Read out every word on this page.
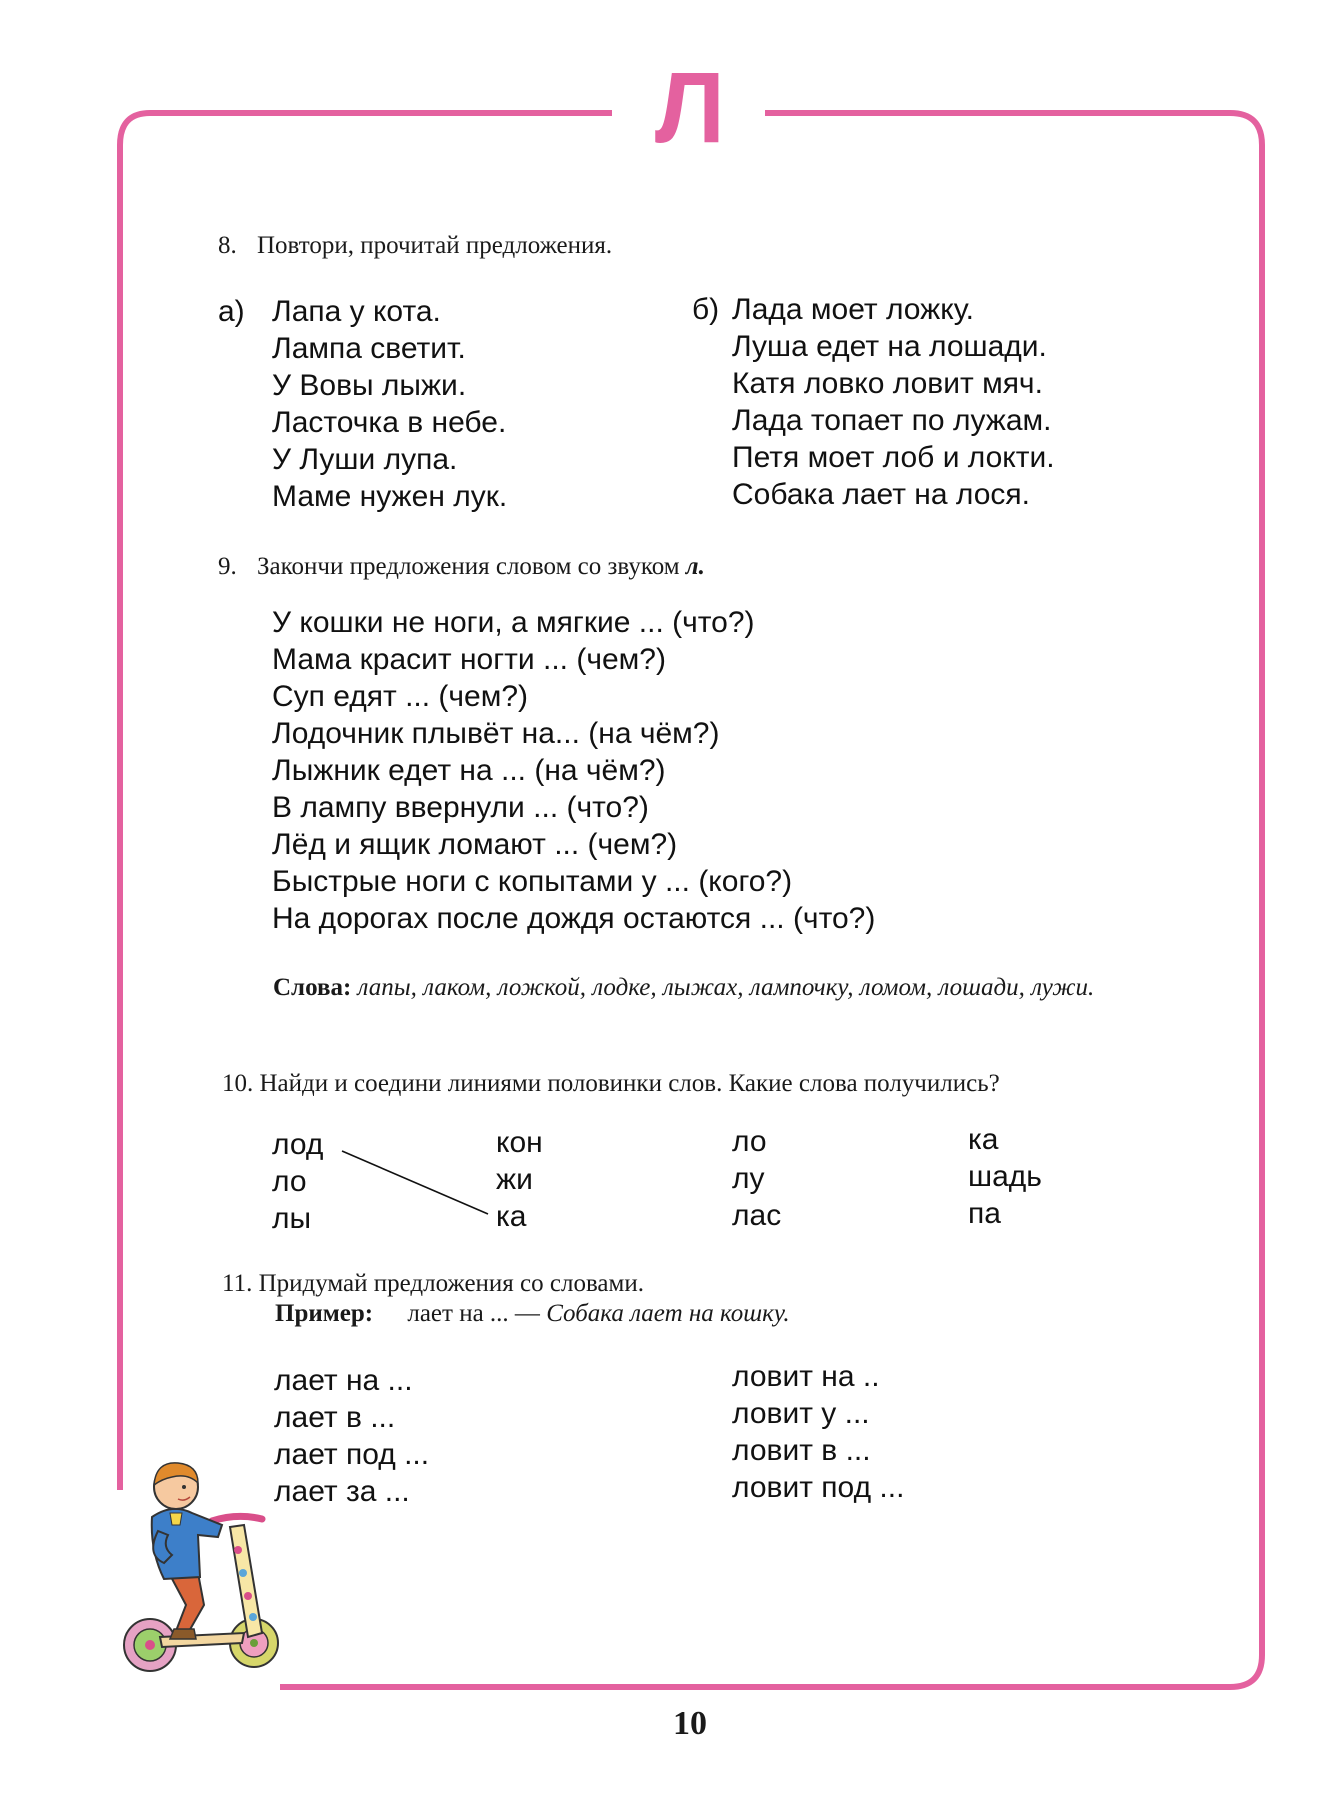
Л
8. Повтори, прочитай предложения.
а) Лапа у кота.
Лампа светит.
У Вовы лыжи.
Ласточка в небе.
У Луши лупа.
Маме нужен лук.
б) Лада моет ложку.
Луша едет на лошади.
Катя ловко ловит мяч.
Лада топает по лужам.
Петя моет лоб и локти.
Собака лает на лося.
9. Закончи предложения словом со звуком л.
У кошки не ноги, а мягкие ... (что?)
Мама красит ногти ... (чем?)
Суп едят ... (чем?)
Лодочник плывёт на... (на чём?)
Лыжник едет на ... (на чём?)
В лампу ввернули ... (что?)
Лёд и ящик ломают ... (чем?)
Быстрые ноги с копытами у ... (кого?)
На дорогах после дождя остаются ... (что?)
Слова: лапы, лаком, ложкой, лодке, лыжах, лампочку, ломом, лошади, лужи.
10. Найди и соедини линиями половинки слов. Какие слова получились?
лод
ло
лы
кон
жи
ка
ло
лу
лас
ка
шадь
па
11. Придумай предложения со словами.
Пример: лает на ... — Собака лает на кошку.
лает на ...
лает в ...
лает под ...
лает за ...
ловит на ..
ловит у ...
ловит в ...
ловит под ...
10
